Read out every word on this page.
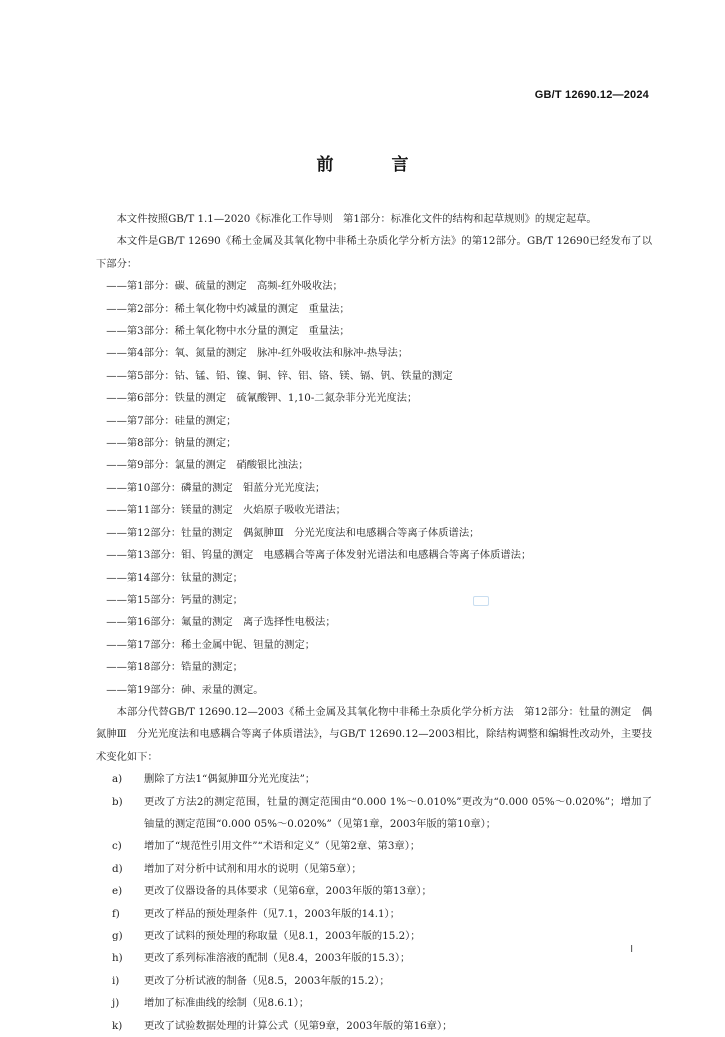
GB/T 12690.12—2024
前 言

本文件按照GB/T 1.1—2020《标准化工作导则　第1部分：标准化文件的结构和起草规则》的规定起草。

本文件是GB/T 12690《稀土金属及其氧化物中非稀土杂质化学分析方法》的第12部分。GB/T 12690已经发布了以下部分：

——第1部分：碳、硫量的测定　高频-红外吸收法；

——第2部分：稀土氧化物中灼减量的测定　重量法；

——第3部分：稀土氧化物中水分量的测定　重量法；

——第4部分：氧、氮量的测定　脉冲-红外吸收法和脉冲-热导法；

——第5部分：钴、锰、铅、镍、铜、锌、铝、铬、镁、镉、钒、铁量的测定

——第6部分：铁量的测定　硫氰酸钾、1,10-二氮杂菲分光光度法；

——第7部分：硅量的测定；

——第8部分：钠量的测定；

——第9部分：氯量的测定　硝酸银比浊法；

——第10部分：磷量的测定　钼蓝分光光度法；

——第11部分：镁量的测定　火焰原子吸收光谱法；

——第12部分：钍量的测定　偶氮胂Ⅲ　分光光度法和电感耦合等离子体质谱法；

——第13部分：钼、钨量的测定　电感耦合等离子体发射光谱法和电感耦合等离子体质谱法；

——第14部分：钛量的测定；

——第15部分：钙量的测定；

——第16部分：氟量的测定　离子选择性电极法；

——第17部分：稀土金属中铌、钽量的测定；

——第18部分：锆量的测定；

——第19部分：砷、汞量的测定。

本部分代替GB/T 12690.12—2003《稀土金属及其氧化物中非稀土杂质化学分析方法　第12部分：钍量的测定　偶氮胂Ⅲ　分光光度法和电感耦合等离子体质谱法》，与GB/T 12690.12—2003相比，除结构调整和编辑性改动外，主要技术变化如下：

a)	删除了方法1“偶氮胂Ⅲ分光光度法”；
b)	更改了方法2的测定范围，钍量的测定范围由“0.000 1%～0.010%”更改为“0.000 05%～0.020%”；增加了铀量的测定范围“0.000 05%～0.020%”（见第1章，2003年版的第10章）；
c)	增加了“规范性引用文件”“术语和定义”（见第2章、第3章）；
d)	增加了对分析中试剂和用水的说明（见第5章）；
e)	更改了仪器设备的具体要求（见第6章，2003年版的第13章）；
f)	更改了样品的预处理条件（见7.1，2003年版的14.1）；
g)	更改了试料的预处理的称取量（见8.1，2003年版的15.2）；
h)	更改了系列标准溶液的配制（见8.4，2003年版的15.3）；
i)	更改了分析试液的制备（见8.5，2003年版的15.2）；
j)	增加了标准曲线的绘制（见8.6.1）；
k)	更改了试验数据处理的计算公式（见第9章，2003年版的第16章）；
I
